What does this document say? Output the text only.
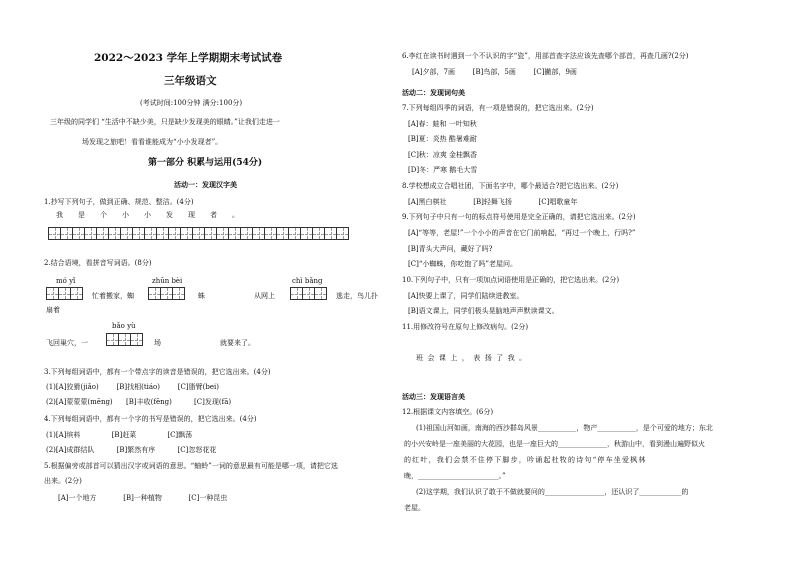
2022～2023 学年上学期期末考试试卷
三年级语文
(考试时间:100分钟 满分:100分)
三年级的同学们 “生活中不缺少美，只是缺少发现美的眼睛。”让我们走进一
场发现之旅吧！看看谁能成为“小小发现者”。
第一部分 积累与运用(54分)
活动一：发现汉字美
1.抄写下列句子，做到正确、规范、整洁。(4分)
我 是 个 小 小 发 现 者 。
2.结合语境，看拼音写词语。(8分)
mó yǐ	zhūn bèi	chì bǎng
忙着搬家，蜘	蛛	从网上	逃走，鸟儿扑
扇着
bǎo yù
飞回巢穴，一	场	就要来了。
3.下列每组词语中，都有一个带点字的读音是错误的，把它选出来。(4分)
(1)[A]狡猾(jiǎo)        [B]找相(tiáo)        [C]脂臂(bei)
(2)[A]蒙蒙蒙(mēng)      [B]丰收(fēng)          [C]发现(fā)
4.下列每组词语中，都有一个字的书写是错误的，把它选出来。(4分)
(1)[A]缤料              [B]赶菜              [C]飘荡
(2)[A]成群结队          [B]繁然有序          [C]忽怒花花
5.根据偏旁或部首可以猜出汉字或词语的意思。“蚰蛉”一词的意思最有可能是哪一项，请把它选
出来。(2分)
[A]一个地方            [B]一种植物            [C]一种昆虫
6.李红在读书时遇到一个不认识的字“瓷”，用部首查字法应该先查哪个部首，再查几画?(2分)
[A]夕部，7画        [B]鸟部，5画        [C]撇部，9画
活动二：发现词句美
7.下列每组四季的词语，有一项是错误的，把它选出来。(2分)
[A]春：蛙和 一叶知秋
[B]夏：炎热 酷暑难耐
[C]秋：凉爽 金桂飘香
[D]冬：严寒 鹅毛大雪
8.学校想成立合唱社团，下面名字中，哪个最适合?把它选出来。(2分)
[A]黑白棋社            [B]轻舞飞扬            [C]唱歌童年
9.下列句子中只有一句的标点符号使用是完全正确的，请把它选出来。(2分)
[A]“等等，老屋!”一个小小的声音在它门前响起，“再过一个晚上，行吗?”
[B]青头大声问，藏好了吗?
[C]“小蜘蛛，你吃饱了吗”老屋问。
10.下列句子中，只有一项加点词语使用是正确的，把它选出来。(2分)
[A]快要上课了，同学们陆续进教室。
[B]语文课上，同学们极头晃脑地声声默读课文。
11.用修改符号在原句上修改病句。(2分)
班  会  课  上  ，  表  扬  了  我  。
活动三：发现语言美
12.根据课文内容填空。(6分)
(1)祖国山河如画，南海的西沙群岛风景___________，物产___________，是个可爱的地方；东北
的小兴安岭是一座美丽的大花园，也是一座巨大的______________，秋游山中，看到漫山遍野似火
的红叶，我们会禁不住停下脚步，吟诵起杜牧的诗句“停车坐爱枫林
晚，_______________________。”
(2)这学期，我们认识了敢于不做就要问的_________________，还认识了____________的
老屋。
